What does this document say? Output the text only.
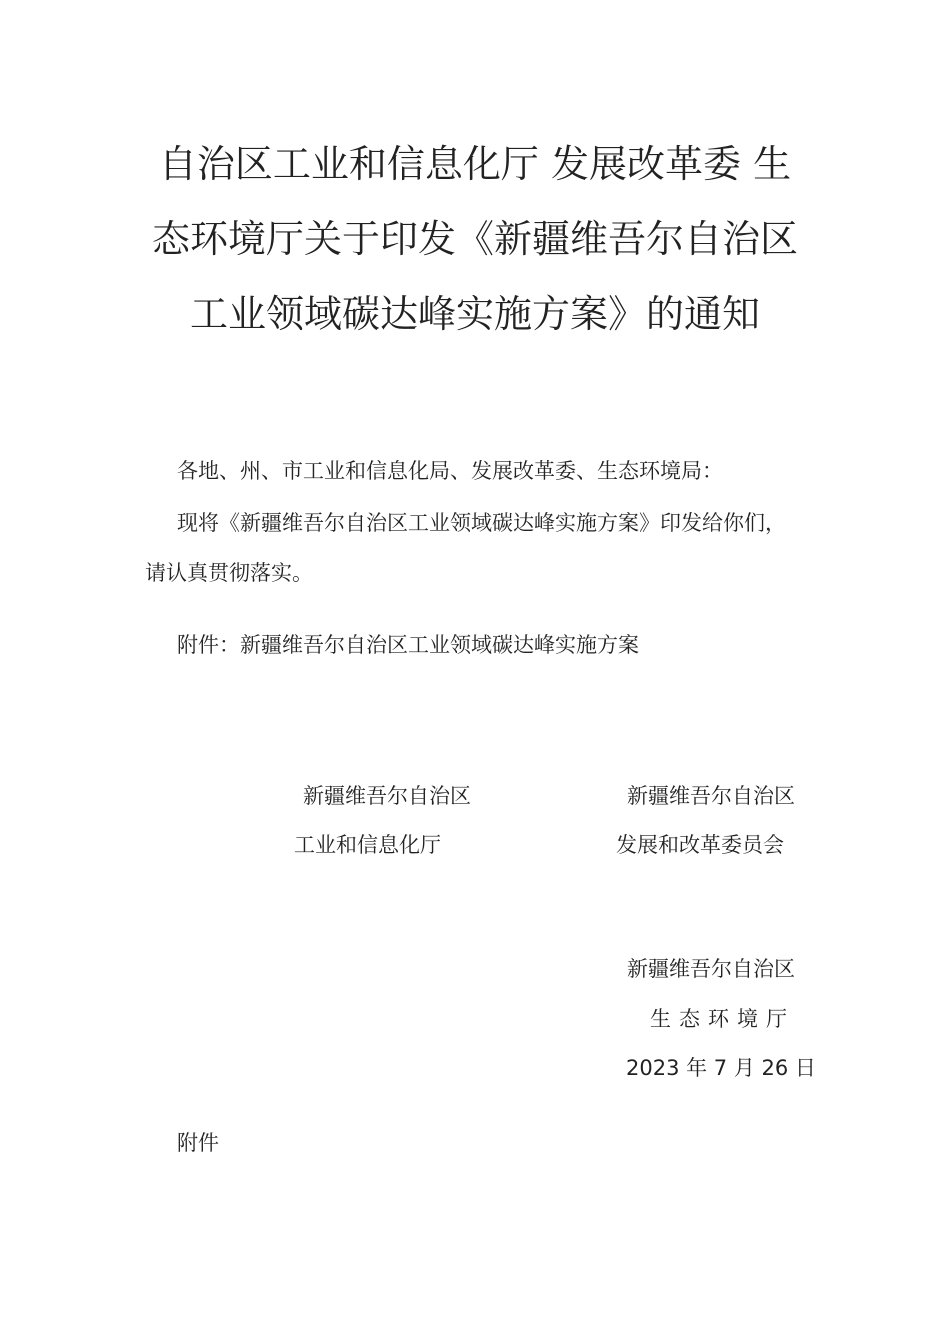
自治区工业和信息化厅 发展改革委 生
态环境厅关于印发《新疆维吾尔自治区
工业领域碳达峰实施方案》的通知
各地、州、市工业和信息化局、发展改革委、生态环境局：
现将《新疆维吾尔自治区工业领域碳达峰实施方案》印发给你们，
请认真贯彻落实。
附件：新疆维吾尔自治区工业领域碳达峰实施方案
新疆维吾尔自治区
工业和信息化厅
新疆维吾尔自治区
发展和改革委员会
新疆维吾尔自治区
生态环境厅
2023 年 7 月 26 日
附件
